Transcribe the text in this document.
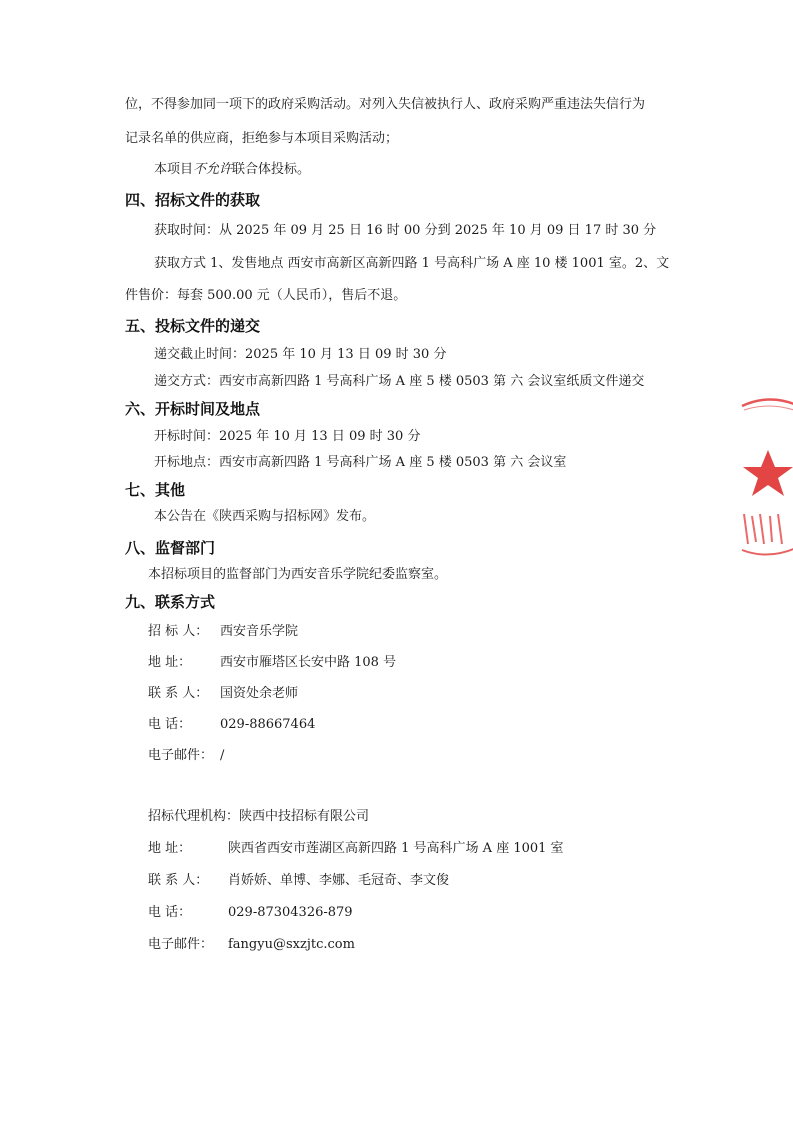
位，不得参加同一项下的政府采购活动。对列入失信被执行人、政府采购严重违法失信行为
记录名单的供应商，拒绝参与本项目采购活动；
本项目不允许联合体投标。
四、招标文件的获取
获取时间：从 2025 年 09 月 25 日 16 时 00 分到 2025 年 10 月 09 日 17 时 30 分
获取方式 1、发售地点 西安市高新区高新四路 1 号高科广场 A 座 10 楼 1001 室。2、文
件售价：每套 500.00 元（人民币），售后不退。
五、投标文件的递交
递交截止时间：2025 年 10 月 13 日 09 时 30 分
递交方式：西安市高新四路 1 号高科广场 A 座 5 楼 0503 第 六 会议室纸质文件递交
六、开标时间及地点
开标时间：2025 年 10 月 13 日 09 时 30 分
开标地点：西安市高新四路 1 号高科广场 A 座 5 楼 0503 第 六 会议室
七、其他
本公告在《陕西采购与招标网》发布。
八、监督部门
本招标项目的监督部门为西安音乐学院纪委监察室。
九、联系方式
招 标 人： 西安音乐学院
地 址： 西安市雁塔区长安中路 108 号
联 系 人： 国资处余老师
电 话： 029-88667464
电子邮件： /
招标代理机构：陕西中技招标有限公司
地 址：	陕西省西安市莲湖区高新四路 1 号高科广场 A 座 1001 室
联 系 人： 肖娇娇、单博、李娜、毛冠奇、李文俊
电 话：	029-87304326-879
电子邮件： fangyu@sxzjtc.com
